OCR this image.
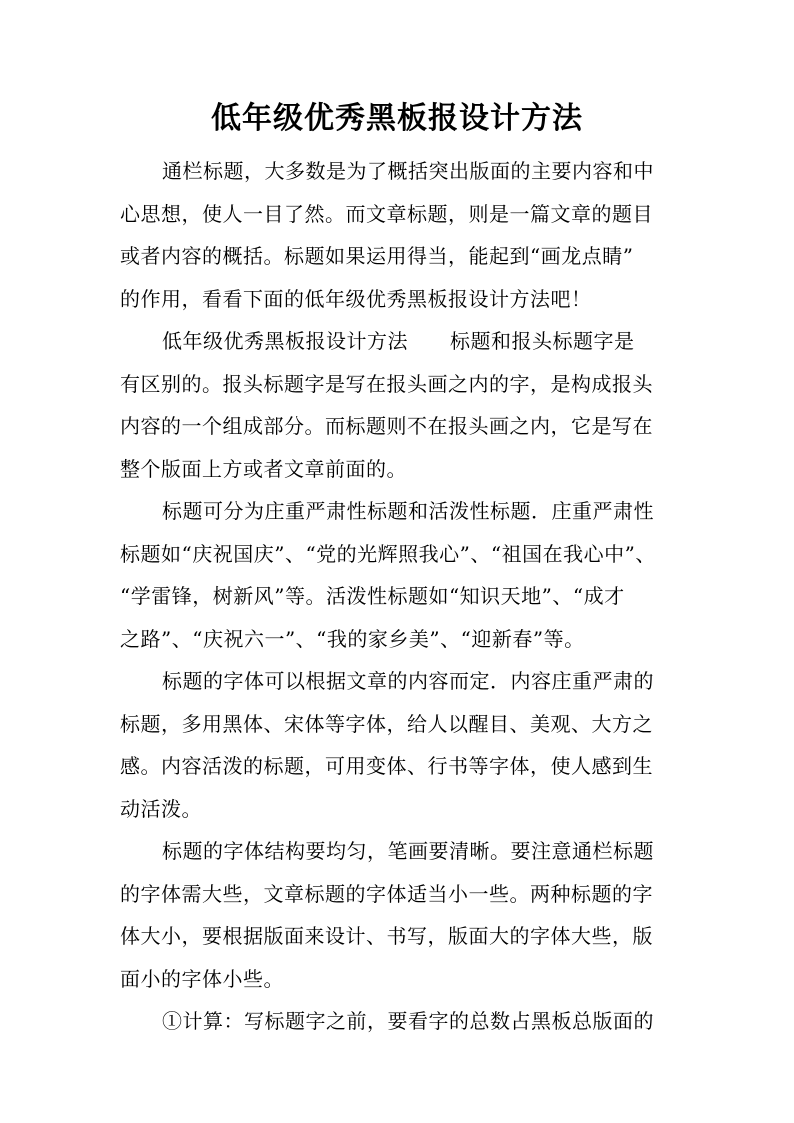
低年级优秀黑板报设计方法
通栏标题，大多数是为了概括突出版面的主要内容和中
心思想，使人一目了然。而文章标题，则是一篇文章的题目
或者内容的概括。标题如果运用得当，能起到“画龙点睛”
的作用，看看下面的低年级优秀黑板报设计方法吧！
低年级优秀黑板报设计方法 标题和报头标题字是
有区别的。报头标题字是写在报头画之内的字，是构成报头
内容的一个组成部分。而标题则不在报头画之内，它是写在
整个版面上方或者文章前面的。
标题可分为庄重严肃性标题和活泼性标题．庄重严肃性
标题如“庆祝国庆”、“党的光辉照我心”、“祖国在我心中”、
“学雷锋，树新风”等。活泼性标题如“知识天地”、“成才
之路”、“庆祝六一”、“我的家乡美”、“迎新春”等。
标题的字体可以根据文章的内容而定．内容庄重严肃的
标题，多用黑体、宋体等字体，给人以醒目、美观、大方之
感。内容活泼的标题，可用变体、行书等字体，使人感到生
动活泼。
标题的字体结构要均匀，笔画要清晰。要注意通栏标题
的字体需大些，文章标题的字体适当小一些。两种标题的字
体大小，要根据版面来设计、书写，版面大的字体大些，版
面小的字体小些。
①计算：写标题字之前，要看字的总数占黑板总版面的
